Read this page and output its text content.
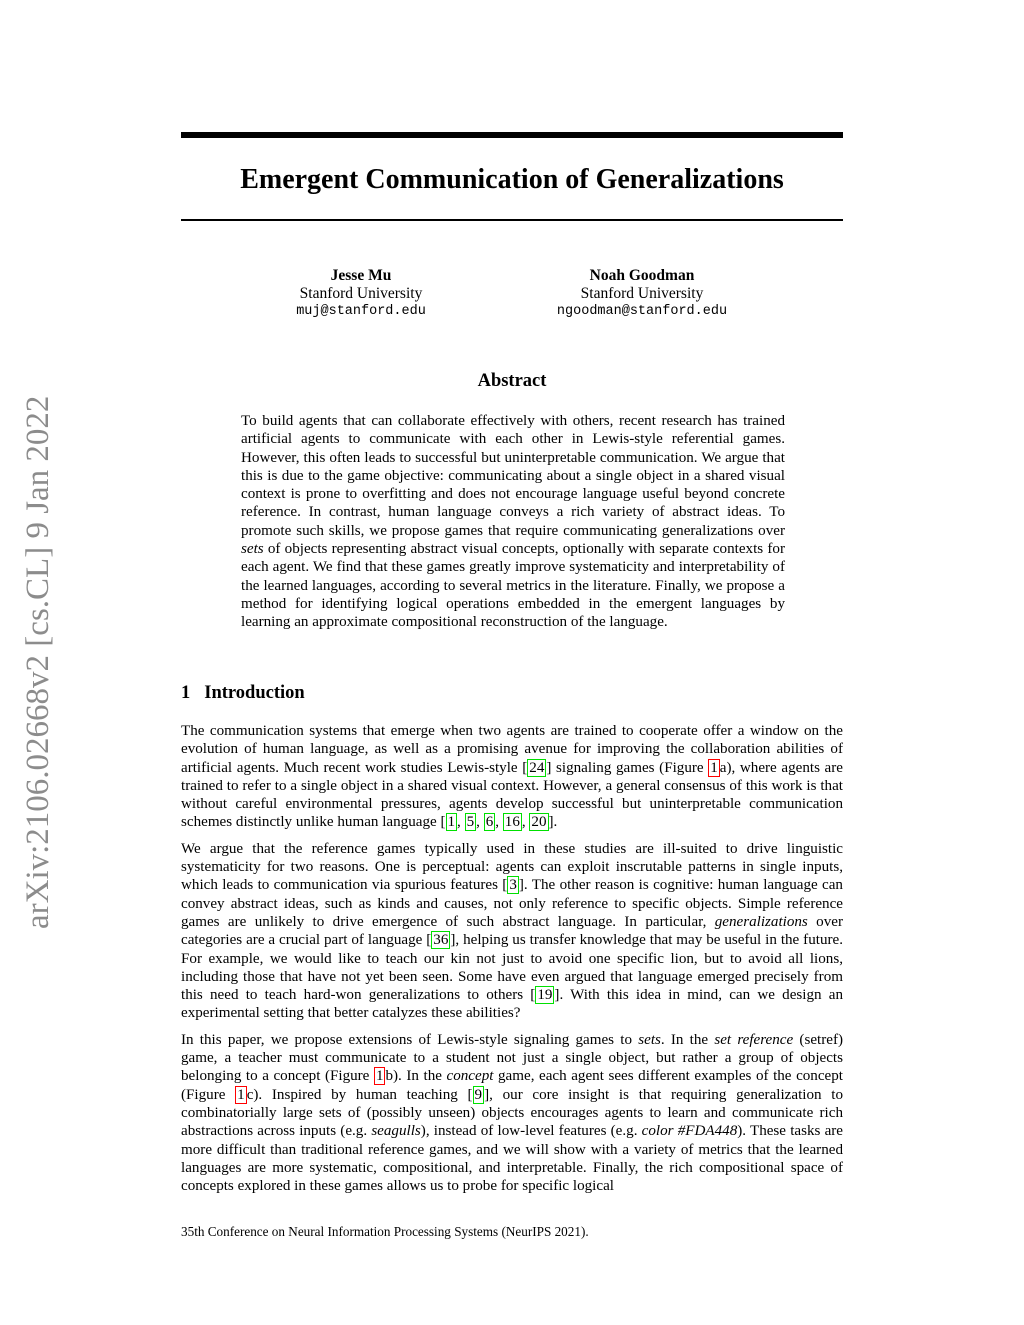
arXiv:2106.02668v2 [cs.CL] 9 Jan 2022
Emergent Communication of Generalizations
Jesse Mu
Stanford University
muj@stanford.edu
Noah Goodman
Stanford University
ngoodman@stanford.edu
Abstract

To build agents that can collaborate effectively with others, recent research has trained artificial agents to communicate with each other in Lewis-style referential games. However, this often leads to successful but uninterpretable communication. We argue that this is due to the game objective: communicating about a single object in a shared visual context is prone to overfitting and does not encourage language useful beyond concrete reference. In contrast, human language conveys a rich variety of abstract ideas. To promote such skills, we propose games that require communicating generalizations over sets of objects representing abstract visual concepts, optionally with separate contexts for each agent. We find that these games greatly improve systematicity and interpretability of the learned languages, according to several metrics in the literature. Finally, we propose a method for identifying logical operations embedded in the emergent languages by learning an approximate compositional reconstruction of the language.

1 Introduction

The communication systems that emerge when two agents are trained to cooperate offer a window on the evolution of human language, as well as a promising avenue for improving the collaboration abilities of artificial agents. Much recent work studies Lewis-style [ 24 ] signaling games (Figure 1 a), where agents are trained to refer to a single object in a shared visual context. However, a general consensus of this work is that without careful environmental pressures, agents develop successful but uninterpretable communication schemes distinctly unlike human language [ 1 , 5 , 6 , 16 , 20 ].

We argue that the reference games typically used in these studies are ill-suited to drive linguistic systematicity for two reasons. One is perceptual: agents can exploit inscrutable patterns in single inputs, which leads to communication via spurious features [ 3 ]. The other reason is cognitive: human language can convey abstract ideas, such as kinds and causes, not only reference to specific objects. Simple reference games are unlikely to drive emergence of such abstract language. In particular, generalizations over categories are a crucial part of language [ 36 ], helping us transfer knowledge that may be useful in the future. For example, we would like to teach our kin not just to avoid one specific lion, but to avoid all lions, including those that have not yet been seen. Some have even argued that language emerged precisely from this need to teach hard-won generalizations to others [ 19 ]. With this idea in mind, can we design an experimental setting that better catalyzes these abilities?

In this paper, we propose extensions of Lewis-style signaling games to sets. In the set reference (setref) game, a teacher must communicate to a student not just a single object, but rather a group of objects belonging to a concept (Figure 1 b). In the concept game, each agent sees different examples of the concept (Figure 1 c). Inspired by human teaching [ 9 ], our core insight is that requiring generalization to combinatorially large sets of (possibly unseen) objects encourages agents to learn and communicate rich abstractions across inputs (e.g. seagulls), instead of low-level features (e.g. color #FDA448). These tasks are more difficult than traditional reference games, and we will show with a variety of metrics that the learned languages are more systematic, compositional, and interpretable. Finally, the rich compositional space of concepts explored in these games allows us to probe for specific logical

35th Conference on Neural Information Processing Systems (NeurIPS 2021).
